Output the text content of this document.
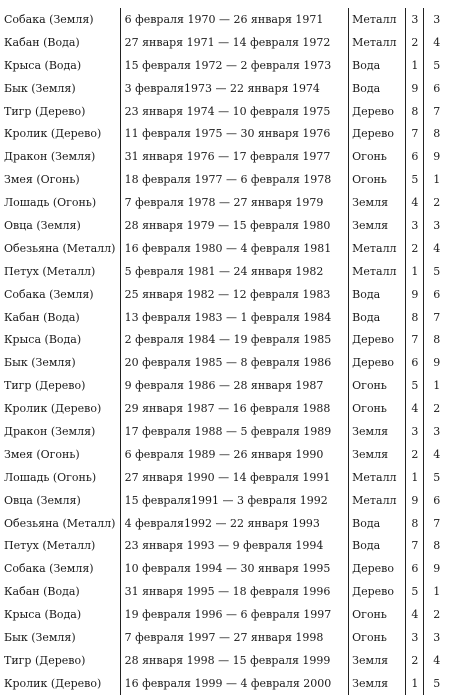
Собака (Земля)	6 февраля 1970 — 26 января 1971	Металл	3	3
Кабан (Вода)	27 января 1971 — 14 февраля 1972	Металл	2	4
Крыса (Вода)	15 февраля 1972 — 2 февраля 1973	Вода	1	5
Бык (Земля)	3 февраля1973 — 22 января 1974	Вода	9	6
Тигр (Дерево)	23 января 1974 — 10 февраля 1975	Дерево	8	7
Кролик (Дерево)	11 февраля 1975 — 30 января 1976	Дерево	7	8
Дракон (Земля)	31 января 1976 — 17 февраля 1977	Огонь	6	9
Змея (Огонь)	18 февраля 1977 — 6 февраля 1978	Огонь	5	1
Лошадь (Огонь)	7 февраля 1978 — 27 января 1979	Земля	4	2
Овца (Земля)	28 января 1979 — 15 февраля 1980	Земля	3	3
Обезьяна (Металл)	16 февраля 1980 — 4 февраля 1981	Металл	2	4
Петух (Металл)	5 февраля 1981 — 24 января 1982	Металл	1	5
Собака (Земля)	25 января 1982 — 12 февраля 1983	Вода	9	6
Кабан (Вода)	13 февраля 1983 — 1 февраля 1984	Вода	8	7
Крыса (Вода)	2 февраля 1984 — 19 февраля 1985	Дерево	7	8
Бык (Земля)	20 февраля 1985 — 8 февраля 1986	Дерево	6	9
Тигр (Дерево)	9 февраля 1986 — 28 января 1987	Огонь	5	1
Кролик (Дерево)	29 января 1987 — 16 февраля 1988	Огонь	4	2
Дракон (Земля)	17 февраля 1988 — 5 февраля 1989	Земля	3	3
Змея (Огонь)	6 февраля 1989 — 26 января 1990	Земля	2	4
Лошадь (Огонь)	27 января 1990 — 14 февраля 1991	Металл	1	5
Овца (Земля)	15 февраля1991 — 3 февраля 1992	Металл	9	6
Обезьяна (Металл)	4 февраля1992 — 22 января 1993	Вода	8	7
Петух (Металл)	23 января 1993 — 9 февраля 1994	Вода	7	8
Собака (Земля)	10 февраля 1994 — 30 января 1995	Дерево	6	9
Кабан (Вода)	31 января 1995 — 18 февраля 1996	Дерево	5	1
Крыса (Вода)	19 февраля 1996 — 6 февраля 1997	Огонь	4	2
Бык (Земля)	7 февраля 1997 — 27 января 1998	Огонь	3	3
Тигр (Дерево)	28 января 1998 — 15 февраля 1999	Земля	2	4
Кролик (Дерево)	16 февраля 1999 — 4 февраля 2000	Земля	1	5
